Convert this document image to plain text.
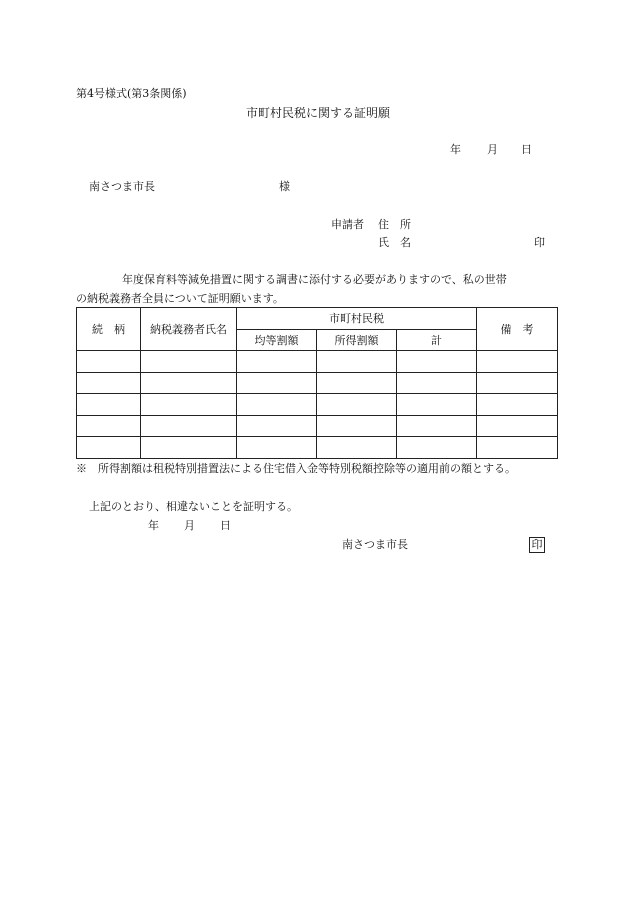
第4号様式(第3条関係)
市町村民税に関する証明願
年 月 日
南さつま市長	様
申請者 住　所
氏　名	印
年度保育料等減免措置に関する調書に添付する必要がありますので、私の世帯
の納税義務者全員について証明願います。
続　柄	納税義務者氏名	市町村民税			備　考
		均等割額	所得割額	計	

※　所得割額は租税特別措置法による住宅借入金等特別税額控除等の適用前の額とする。
上記のとおり、相違ないことを証明する。
年 月 日
南さつま市長	印
